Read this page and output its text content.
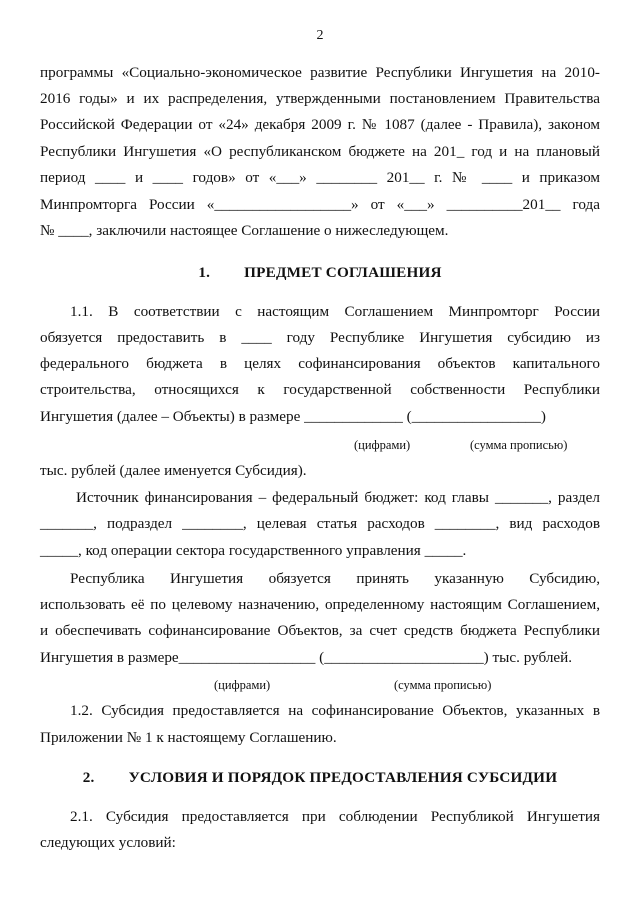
2
программы «Социально-экономическое развитие Республики Ингушетия на 2010-
2016 годы» и их распределения, утвержденными постановлением Правительства
Российской Федерации от «24» декабря 2009 г. № 1087 (далее - Правила), законом
Республики Ингушетия «О республиканском бюджете на 201_ год и на плановый
период ____ и ____ годов» от «___» ________ 201__ г. № ____ и приказом
Минпромторга России «__________________» от «___» __________201__ года
№ ____, заключили настоящее Соглашение о нижеследующем.
1. ПРЕДМЕТ СОГЛАШЕНИЯ
1.1. В соответствии с настоящим Соглашением Минпромторг России
обязуется предоставить в ____ году Республике Ингушетия субсидию из
федерального бюджета в целях софинансирования объектов капитального
строительства, относящихся к государственной собственности Республики
Ингушетия (далее – Объекты) в размере _____________ (_________________)
(цифрами)	(сумма прописью)
тыс. рублей (далее именуется Субсидия).
Источник финансирования – федеральный бюджет: код главы _______, раздел
_______, подраздел ________, целевая статья расходов ________, вид расходов
_____, код операции сектора государственного управления _____.
Республика Ингушетия обязуется принять указанную Субсидию,
использовать её по целевому назначению, определенному настоящим Соглашением,
и обеспечивать софинансирование Объектов, за счет средств бюджета Республики
Ингушетия в размере__________________ (_____________________) тыс. рублей.
(цифрами)	(сумма прописью)
1.2. Субсидия предоставляется на софинансирование Объектов, указанных в
Приложении № 1 к настоящему Соглашению.
2. УСЛОВИЯ И ПОРЯДОК ПРЕДОСТАВЛЕНИЯ СУБСИДИИ
2.1. Субсидия предоставляется при соблюдении Республикой Ингушетия
следующих условий:
